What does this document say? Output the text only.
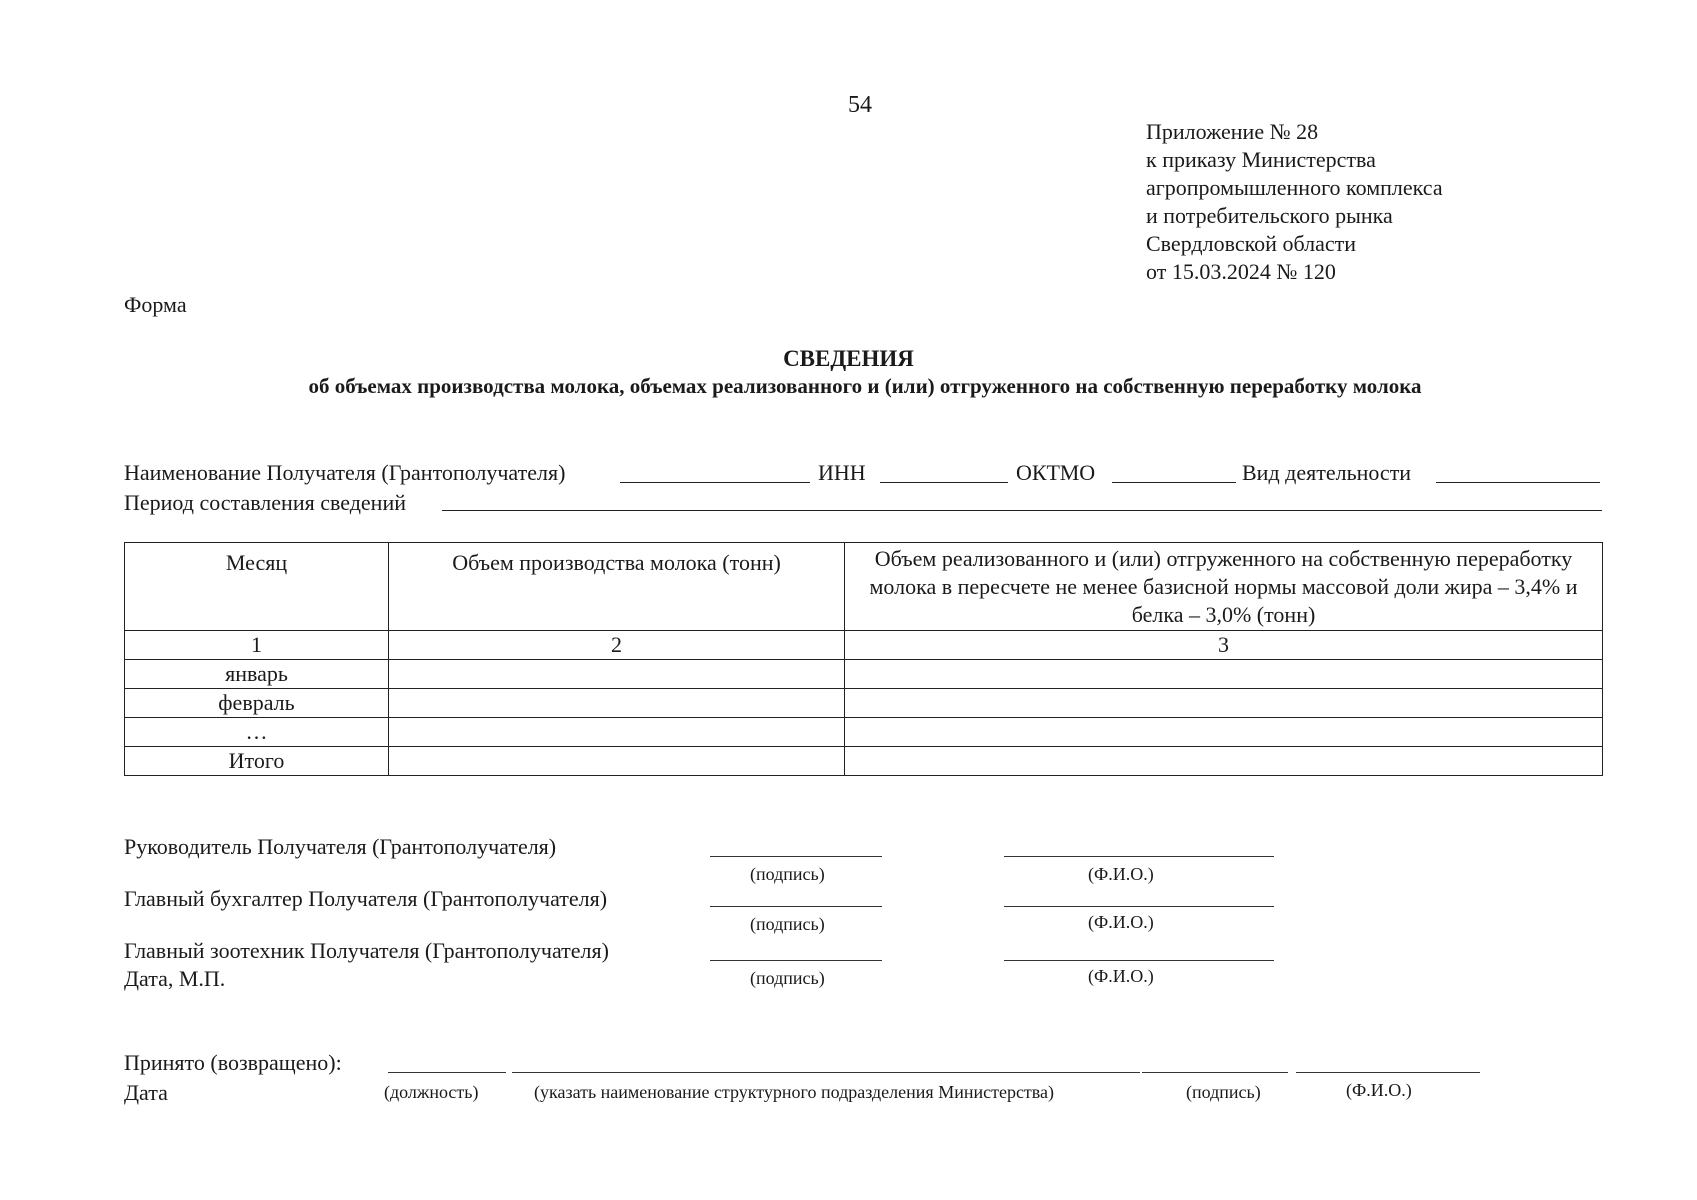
54
Приложение № 28
к приказу Министерства
агропромышленного комплекса
и потребительского рынка
Свердловской области
от 15.03.2024 № 120
Форма
СВЕДЕНИЯ
об объемах производства молока, объемах реализованного и (или) отгруженного на собственную переработку молока
Наименование Получателя (Грантополучателя)	ИНН	ОКТМО	Вид деятельности
Период составления сведений
Месяц	Объем производства молока (тонн)	Объем реализованного и (или) отгруженного на собственную переработку молока в пересчете не менее базисной нормы массовой доли жира – 3,4% и белка – 3,0% (тонн)
1	2	3
январь		
февраль		
…		
Итого		
Руководитель Получателя (Грантополучателя)
(подпись)	(Ф.И.О.)
Главный бухгалтер Получателя (Грантополучателя)
(подпись)	(Ф.И.О.)
Главный зоотехник Получателя (Грантополучателя)
Дата, М.П.	(подпись)	(Ф.И.О.)
Принято (возвращено):
Дата	(должность)	(указать наименование структурного подразделения Министерства)	(подпись)	(Ф.И.О.)
